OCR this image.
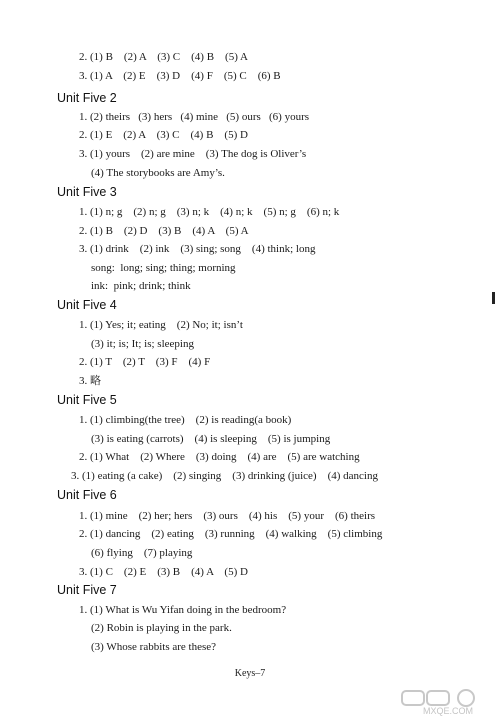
2. (1) B    (2) A    (3) C    (4) B    (5) A
3. (1) A    (2) E    (3) D    (4) F    (5) C    (6) B
Unit Five 2
1. (2) theirs   (3) hers   (4) mine   (5) ours   (6) yours
2. (1) E    (2) A    (3) C    (4) B    (5) D
3. (1) yours    (2) are mine    (3) The dog is Oliver’s
(4) The storybooks are Amy’s.
Unit Five 3
1. (1) n; g    (2) n; g    (3) n; k    (4) n; k    (5) n; g    (6) n; k
2. (1) B    (2) D    (3) B    (4) A    (5) A
3. (1) drink    (2) ink    (3) sing; song    (4) think; long
song:  long; sing; thing; morning
ink:  pink; drink; think
Unit Five 4
1. (1) Yes; it; eating    (2) No; it; isn’t
(3) it; is; It; is; sleeping
2. (1) T    (2) T    (3) F    (4) F
3. 略
Unit Five 5
1. (1) climbing(the tree)    (2) is reading(a book)
(3) is eating (carrots)    (4) is sleeping    (5) is jumping
2. (1) What    (2) Where    (3) doing    (4) are    (5) are watching
3. (1) eating (a cake)    (2) singing    (3) drinking (juice)    (4) dancing
Unit Five 6
1. (1) mine    (2) her; hers    (3) ours    (4) his    (5) your    (6) theirs
2. (1) dancing    (2) eating    (3) running    (4) walking    (5) climbing
(6) flying    (7) playing
3. (1) C    (2) E    (3) B    (4) A    (5) D
Unit Five 7
1. (1) What is Wu Yifan doing in the bedroom?
(2) Robin is playing in the park.
(3) Whose rabbits are these?
Keys–7
MXQE.COM
